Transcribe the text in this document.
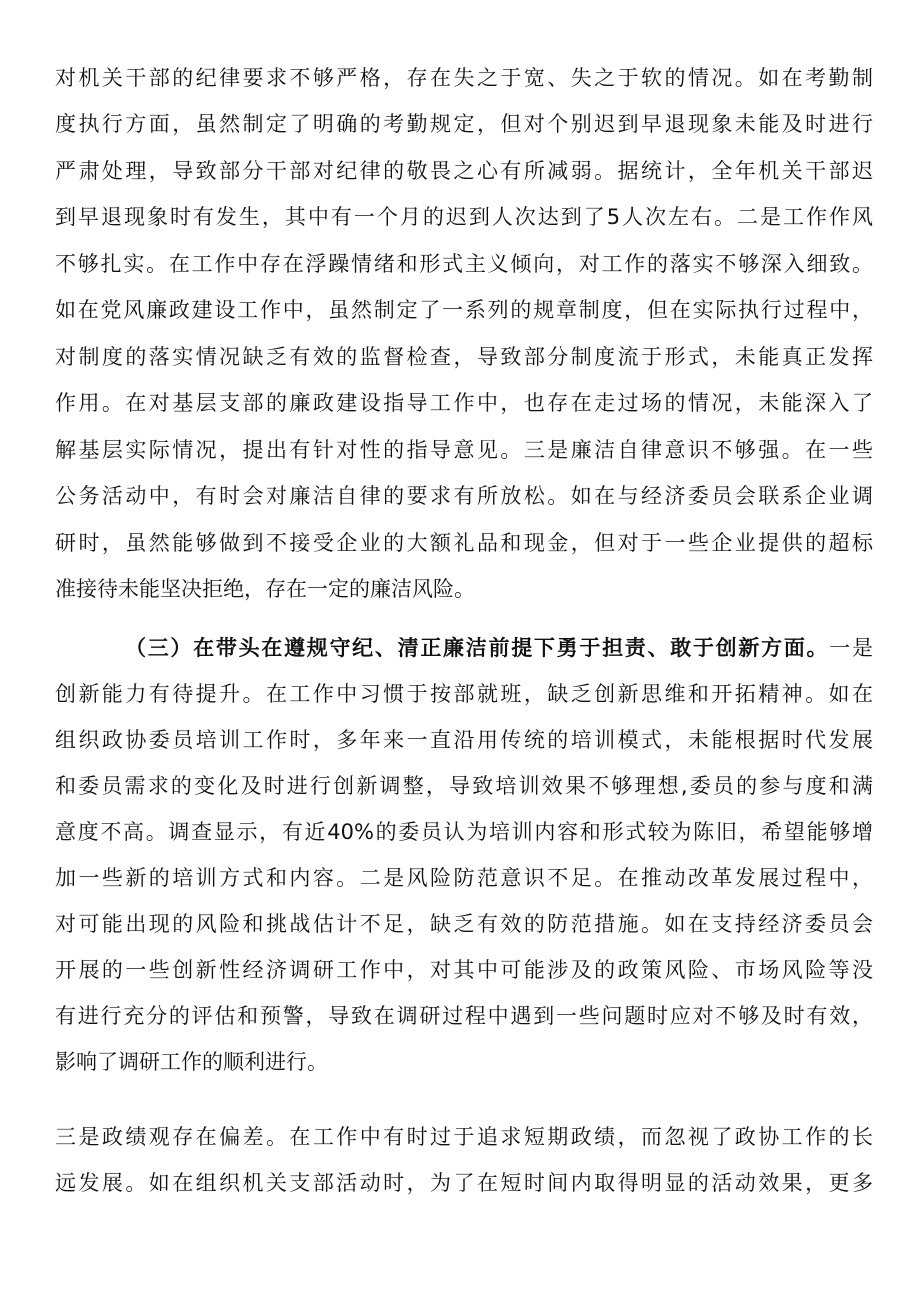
对机关干部的纪律要求不够严格，存在失之于宽、失之于软的情况。如在考勤制
度执行方面，虽然制定了明确的考勤规定，但对个别迟到早退现象未能及时进行
严肃处理，导致部分干部对纪律的敬畏之心有所减弱。据统计，全年机关干部迟
到早退现象时有发生，其中有一个月的迟到人次达到了5人次左右。二是工作作风
不够扎实。在工作中存在浮躁情绪和形式主义倾向，对工作的落实不够深入细致。
如在党风廉政建设工作中，虽然制定了一系列的规章制度，但在实际执行过程中，
对制度的落实情况缺乏有效的监督检查，导致部分制度流于形式，未能真正发挥
作用。在对基层支部的廉政建设指导工作中，也存在走过场的情况，未能深入了
解基层实际情况，提出有针对性的指导意见。三是廉洁自律意识不够强。在一些
公务活动中，有时会对廉洁自律的要求有所放松。如在与经济委员会联系企业调
研时，虽然能够做到不接受企业的大额礼品和现金，但对于一些企业提供的超标
准接待未能坚决拒绝，存在一定的廉洁风险。
（三）在带头在遵规守纪、清正廉洁前提下勇于担责、敢于创新方面。一是
创新能力有待提升。在工作中习惯于按部就班，缺乏创新思维和开拓精神。如在
组织政协委员培训工作时，多年来一直沿用传统的培训模式，未能根据时代发展
和委员需求的变化及时进行创新调整，导致培训效果不够理想,委员的参与度和满
意度不高。调查显示，有近40%的委员认为培训内容和形式较为陈旧，希望能够增
加一些新的培训方式和内容。二是风险防范意识不足。在推动改革发展过程中，
对可能出现的风险和挑战估计不足，缺乏有效的防范措施。如在支持经济委员会
开展的一些创新性经济调研工作中，对其中可能涉及的政策风险、市场风险等没
有进行充分的评估和预警，导致在调研过程中遇到一些问题时应对不够及时有效，
影响了调研工作的顺利进行。
三是政绩观存在偏差。在工作中有时过于追求短期政绩，而忽视了政协工作的长
远发展。如在组织机关支部活动时，为了在短时间内取得明显的活动效果，更多
